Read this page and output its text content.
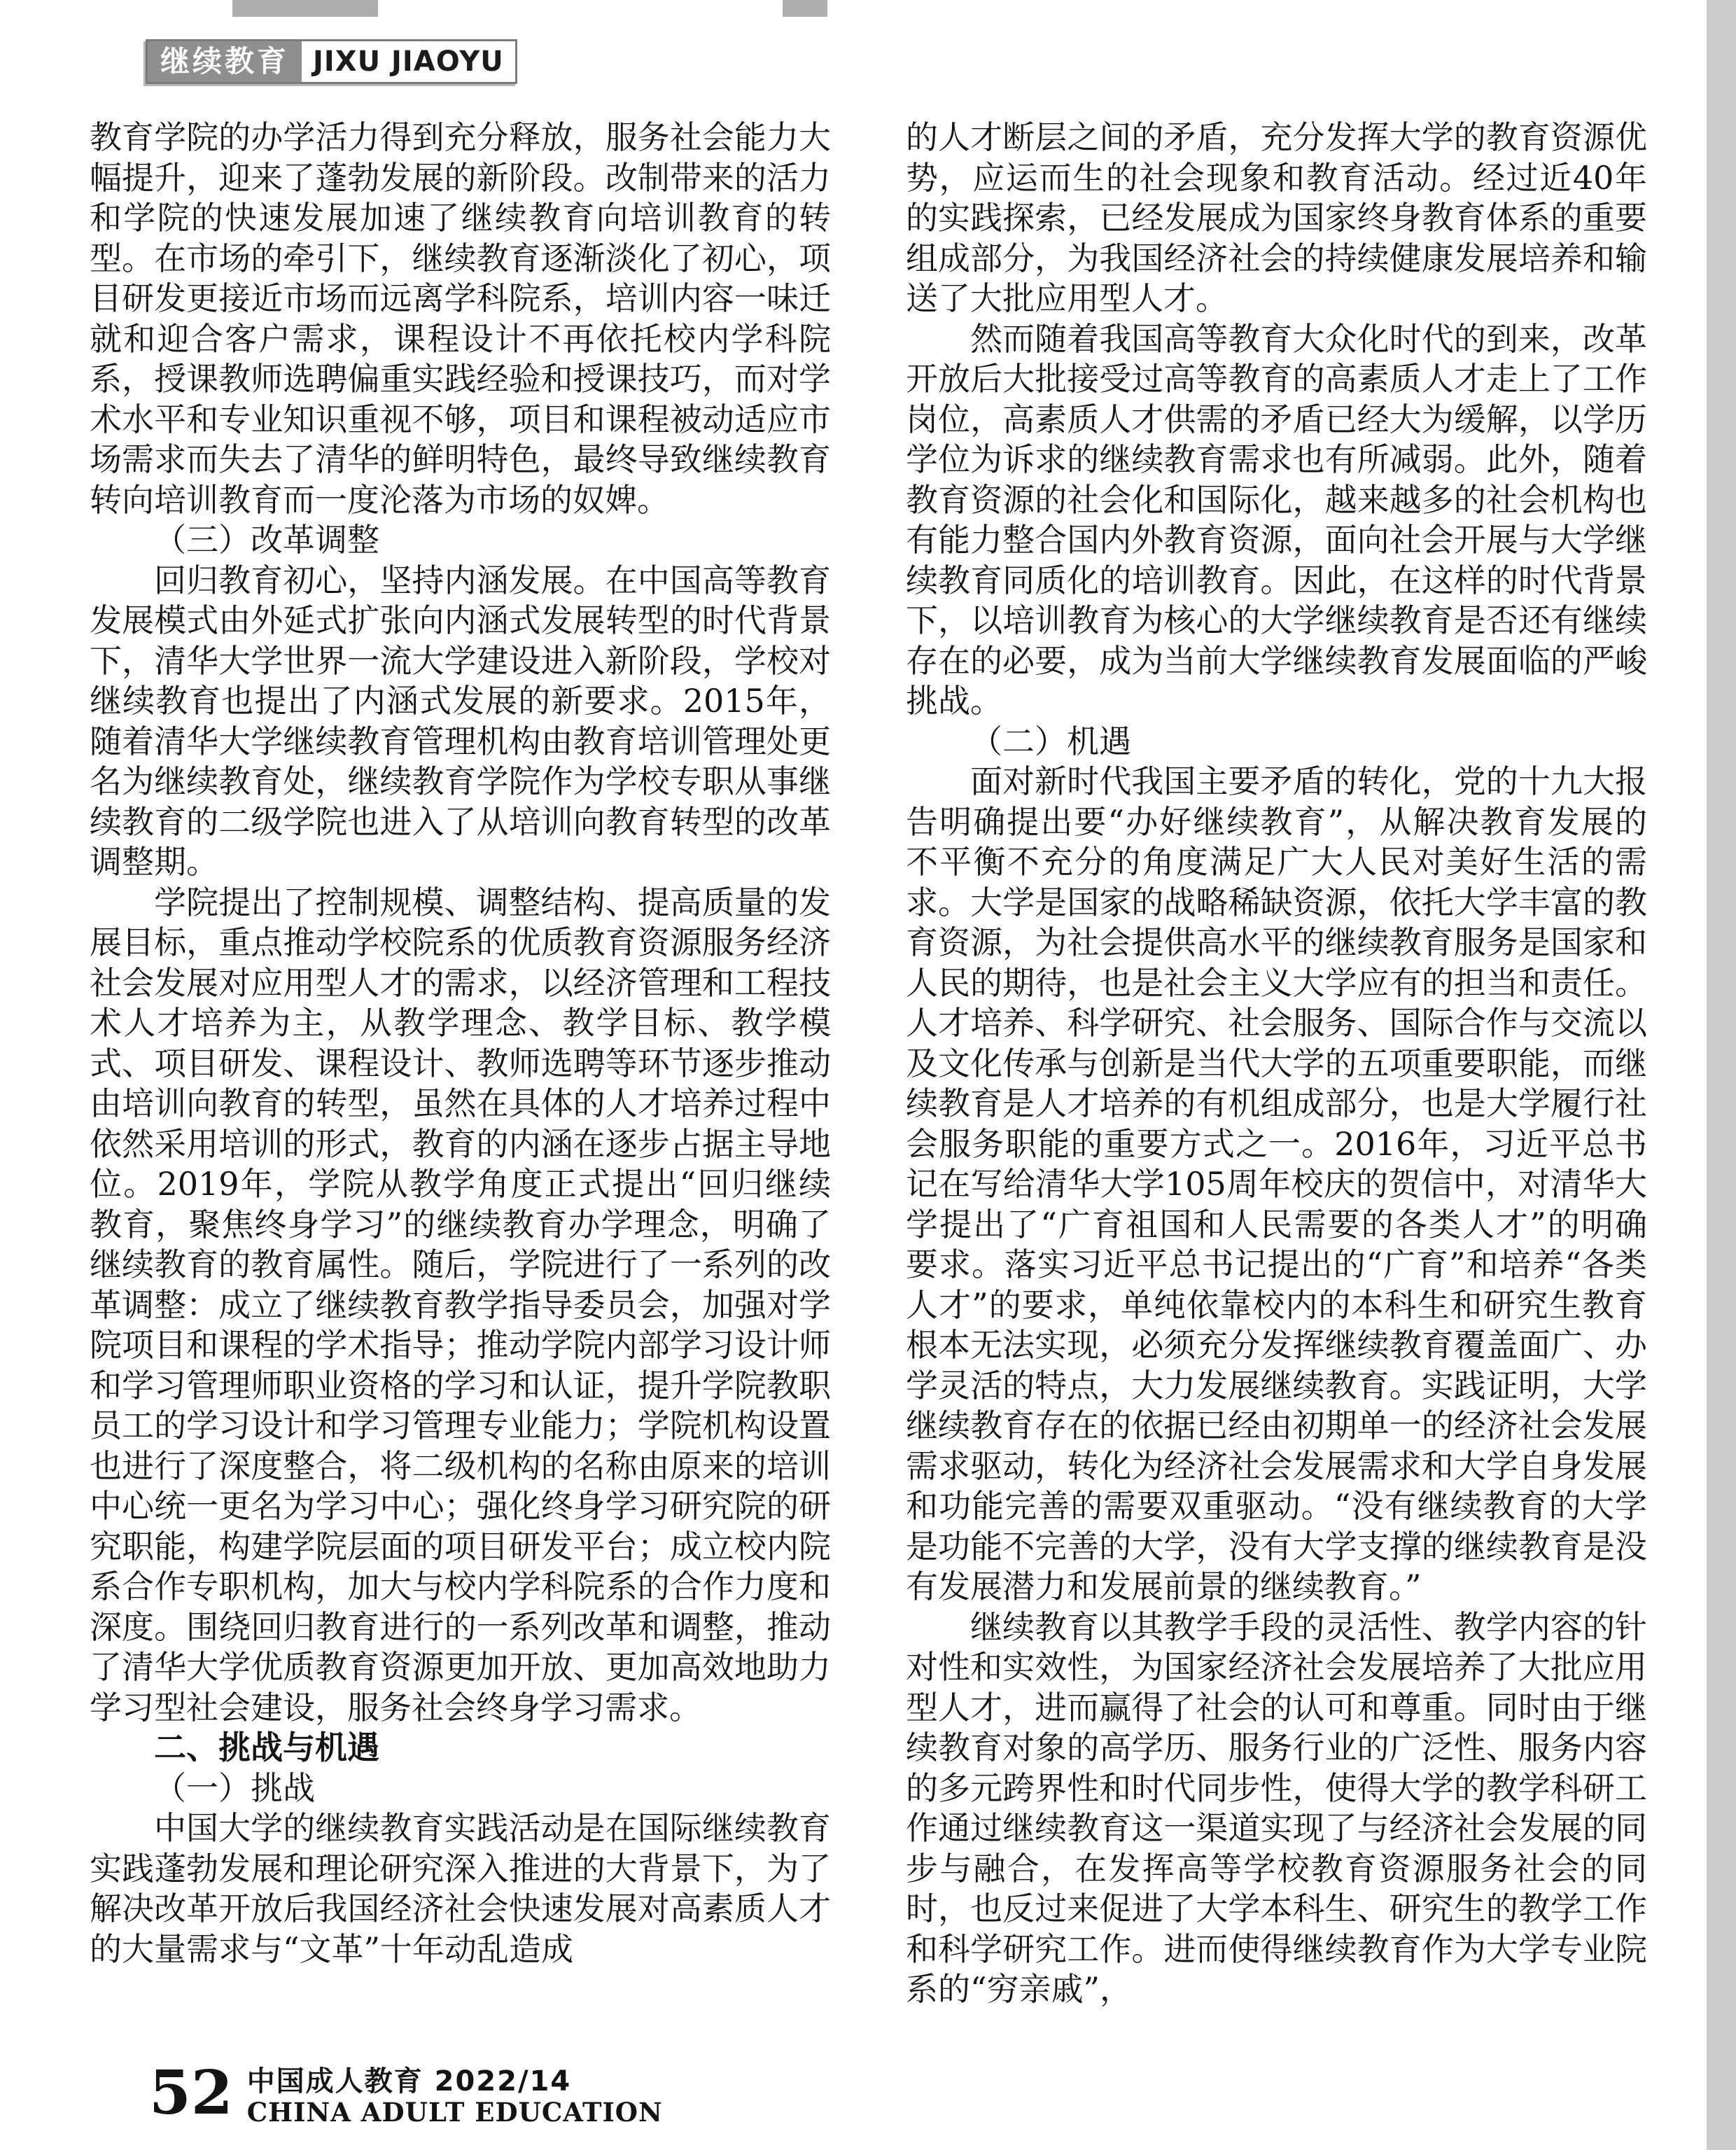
继续教育 JIXU JIAOYU

教育学院的办学活力得到充分释放，服务社会能力大幅提升，迎来了蓬勃发展的新阶段。改制带来的活力和学院的快速发展加速了继续教育向培训教育的转型。在市场的牵引下，继续教育逐渐淡化了初心，项目研发更接近市场而远离学科院系，培训内容一味迁就和迎合客户需求，课程设计不再依托校内学科院系，授课教师选聘偏重实践经验和授课技巧，而对学术水平和专业知识重视不够，项目和课程被动适应市场需求而失去了清华的鲜明特色，最终导致继续教育转向培训教育而一度沦落为市场的奴婢。

（三）改革调整

回归教育初心，坚持内涵发展。在中国高等教育发展模式由外延式扩张向内涵式发展转型的时代背景下，清华大学世界一流大学建设进入新阶段，学校对继续教育也提出了内涵式发展的新要求。2015年，随着清华大学继续教育管理机构由教育培训管理处更名为继续教育处，继续教育学院作为学校专职从事继续教育的二级学院也进入了从培训向教育转型的改革调整期。

学院提出了控制规模、调整结构、提高质量的发展目标，重点推动学校院系的优质教育资源服务经济社会发展对应用型人才的需求，以经济管理和工程技术人才培养为主，从教学理念、教学目标、教学模式、项目研发、课程设计、教师选聘等环节逐步推动由培训向教育的转型，虽然在具体的人才培养过程中依然采用培训的形式，教育的内涵在逐步占据主导地位。2019年，学院从教学角度正式提出“回归继续教育，聚焦终身学习”的继续教育办学理念，明确了继续教育的教育属性。随后，学院进行了一系列的改革调整：成立了继续教育教学指导委员会，加强对学院项目和课程的学术指导；推动学院内部学习设计师和学习管理师职业资格的学习和认证，提升学院教职员工的学习设计和学习管理专业能力；学院机构设置也进行了深度整合，将二级机构的名称由原来的培训中心统一更名为学习中心；强化终身学习研究院的研究职能，构建学院层面的项目研发平台；成立校内院系合作专职机构，加大与校内学科院系的合作力度和深度。围绕回归教育进行的一系列改革和调整，推动了清华大学优质教育资源更加开放、更加高效地助力学习型社会建设，服务社会终身学习需求。

二、挑战与机遇

（一）挑战

中国大学的继续教育实践活动是在国际继续教育实践蓬勃发展和理论研究深入推进的大背景下，为了解决改革开放后我国经济社会快速发展对高素质人才的大量需求与“文革”十年动乱造成

的人才断层之间的矛盾，充分发挥大学的教育资源优势，应运而生的社会现象和教育活动。经过近40年的实践探索，已经发展成为国家终身教育体系的重要组成部分，为我国经济社会的持续健康发展培养和输送了大批应用型人才。

然而随着我国高等教育大众化时代的到来，改革开放后大批接受过高等教育的高素质人才走上了工作岗位，高素质人才供需的矛盾已经大为缓解，以学历学位为诉求的继续教育需求也有所减弱。此外，随着教育资源的社会化和国际化，越来越多的社会机构也有能力整合国内外教育资源，面向社会开展与大学继续教育同质化的培训教育。因此，在这样的时代背景下，以培训教育为核心的大学继续教育是否还有继续存在的必要，成为当前大学继续教育发展面临的严峻挑战。

（二）机遇

面对新时代我国主要矛盾的转化，党的十九大报告明确提出要“办好继续教育”，从解决教育发展的不平衡不充分的角度满足广大人民对美好生活的需求。大学是国家的战略稀缺资源，依托大学丰富的教育资源，为社会提供高水平的继续教育服务是国家和人民的期待，也是社会主义大学应有的担当和责任。人才培养、科学研究、社会服务、国际合作与交流以及文化传承与创新是当代大学的五项重要职能，而继续教育是人才培养的有机组成部分，也是大学履行社会服务职能的重要方式之一。2016年，习近平总书记在写给清华大学105周年校庆的贺信中，对清华大学提出了“广育祖国和人民需要的各类人才”的明确要求。落实习近平总书记提出的“广育”和培养“各类人才”的要求，单纯依靠校内的本科生和研究生教育根本无法实现，必须充分发挥继续教育覆盖面广、办学灵活的特点，大力发展继续教育。实践证明，大学继续教育存在的依据已经由初期单一的经济社会发展需求驱动，转化为经济社会发展需求和大学自身发展和功能完善的需要双重驱动。“没有继续教育的大学是功能不完善的大学，没有大学支撑的继续教育是没有发展潜力和发展前景的继续教育。”

继续教育以其教学手段的灵活性、教学内容的针对性和实效性，为国家经济社会发展培养了大批应用型人才，进而赢得了社会的认可和尊重。同时由于继续教育对象的高学历、服务行业的广泛性、服务内容的多元跨界性和时代同步性，使得大学的教学科研工作通过继续教育这一渠道实现了与经济社会发展的同步与融合，在发挥高等学校教育资源服务社会的同时，也反过来促进了大学本科生、研究生的教学工作和科学研究工作。进而使得继续教育作为大学专业院系的“穷亲戚”，

52 中国成人教育 2022/14
CHINA ADULT EDUCATION
